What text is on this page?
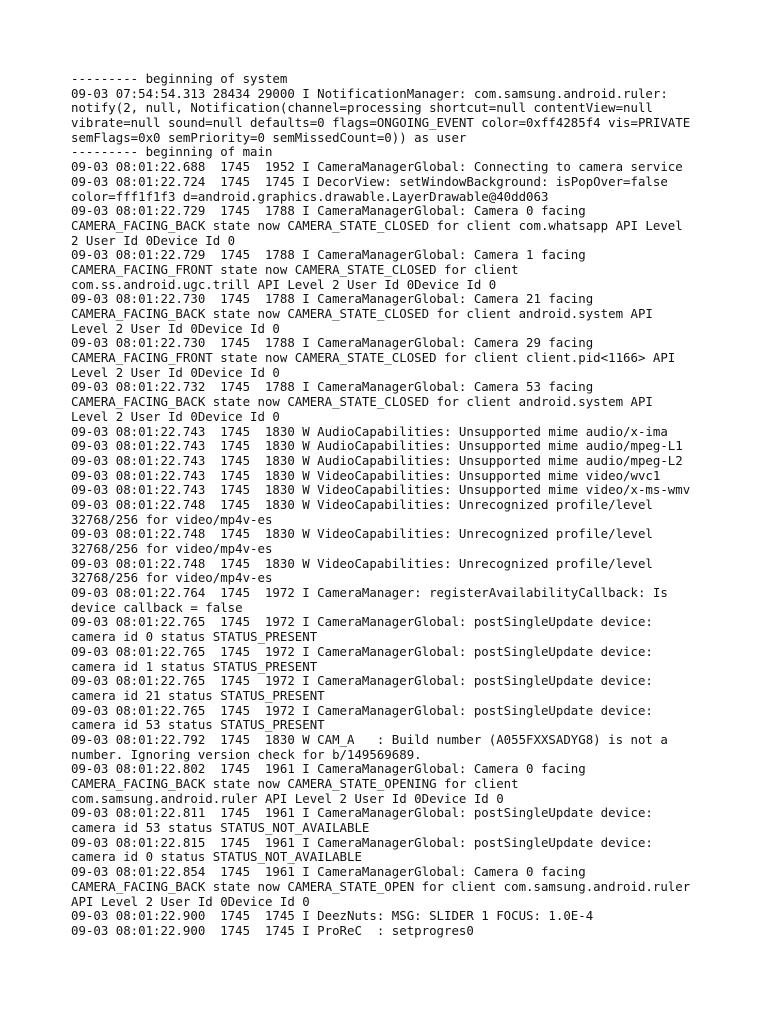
--------- beginning of system
09-03 07:54:54.313 28434 29000 I NotificationManager: com.samsung.android.ruler:
notify(2, null, Notification(channel=processing shortcut=null contentView=null
vibrate=null sound=null defaults=0 flags=ONGOING_EVENT color=0xff4285f4 vis=PRIVATE
semFlags=0x0 semPriority=0 semMissedCount=0)) as user
--------- beginning of main
09-03 08:01:22.688  1745  1952 I CameraManagerGlobal: Connecting to camera service
09-03 08:01:22.724  1745  1745 I DecorView: setWindowBackground: isPopOver=false
color=fff1f1f3 d=android.graphics.drawable.LayerDrawable@40dd063
09-03 08:01:22.729  1745  1788 I CameraManagerGlobal: Camera 0 facing
CAMERA_FACING_BACK state now CAMERA_STATE_CLOSED for client com.whatsapp API Level
2 User Id 0Device Id 0
09-03 08:01:22.729  1745  1788 I CameraManagerGlobal: Camera 1 facing
CAMERA_FACING_FRONT state now CAMERA_STATE_CLOSED for client
com.ss.android.ugc.trill API Level 2 User Id 0Device Id 0
09-03 08:01:22.730  1745  1788 I CameraManagerGlobal: Camera 21 facing
CAMERA_FACING_BACK state now CAMERA_STATE_CLOSED for client android.system API
Level 2 User Id 0Device Id 0
09-03 08:01:22.730  1745  1788 I CameraManagerGlobal: Camera 29 facing
CAMERA_FACING_FRONT state now CAMERA_STATE_CLOSED for client client.pid<1166> API
Level 2 User Id 0Device Id 0
09-03 08:01:22.732  1745  1788 I CameraManagerGlobal: Camera 53 facing
CAMERA_FACING_BACK state now CAMERA_STATE_CLOSED for client android.system API
Level 2 User Id 0Device Id 0
09-03 08:01:22.743  1745  1830 W AudioCapabilities: Unsupported mime audio/x-ima
09-03 08:01:22.743  1745  1830 W AudioCapabilities: Unsupported mime audio/mpeg-L1
09-03 08:01:22.743  1745  1830 W AudioCapabilities: Unsupported mime audio/mpeg-L2
09-03 08:01:22.743  1745  1830 W VideoCapabilities: Unsupported mime video/wvc1
09-03 08:01:22.743  1745  1830 W VideoCapabilities: Unsupported mime video/x-ms-wmv
09-03 08:01:22.748  1745  1830 W VideoCapabilities: Unrecognized profile/level
32768/256 for video/mp4v-es
09-03 08:01:22.748  1745  1830 W VideoCapabilities: Unrecognized profile/level
32768/256 for video/mp4v-es
09-03 08:01:22.748  1745  1830 W VideoCapabilities: Unrecognized profile/level
32768/256 for video/mp4v-es
09-03 08:01:22.764  1745  1972 I CameraManager: registerAvailabilityCallback: Is
device callback = false
09-03 08:01:22.765  1745  1972 I CameraManagerGlobal: postSingleUpdate device:
camera id 0 status STATUS_PRESENT
09-03 08:01:22.765  1745  1972 I CameraManagerGlobal: postSingleUpdate device:
camera id 1 status STATUS_PRESENT
09-03 08:01:22.765  1745  1972 I CameraManagerGlobal: postSingleUpdate device:
camera id 21 status STATUS_PRESENT
09-03 08:01:22.765  1745  1972 I CameraManagerGlobal: postSingleUpdate device:
camera id 53 status STATUS_PRESENT
09-03 08:01:22.792  1745  1830 W CAM_A   : Build number (A055FXXSADYG8) is not a
number. Ignoring version check for b/149569689.
09-03 08:01:22.802  1745  1961 I CameraManagerGlobal: Camera 0 facing
CAMERA_FACING_BACK state now CAMERA_STATE_OPENING for client
com.samsung.android.ruler API Level 2 User Id 0Device Id 0
09-03 08:01:22.811  1745  1961 I CameraManagerGlobal: postSingleUpdate device:
camera id 53 status STATUS_NOT_AVAILABLE
09-03 08:01:22.815  1745  1961 I CameraManagerGlobal: postSingleUpdate device:
camera id 0 status STATUS_NOT_AVAILABLE
09-03 08:01:22.854  1745  1961 I CameraManagerGlobal: Camera 0 facing
CAMERA_FACING_BACK state now CAMERA_STATE_OPEN for client com.samsung.android.ruler
API Level 2 User Id 0Device Id 0
09-03 08:01:22.900  1745  1745 I DeezNuts: MSG: SLIDER 1 FOCUS: 1.0E-4
09-03 08:01:22.900  1745  1745 I ProReC  : setprogres0
